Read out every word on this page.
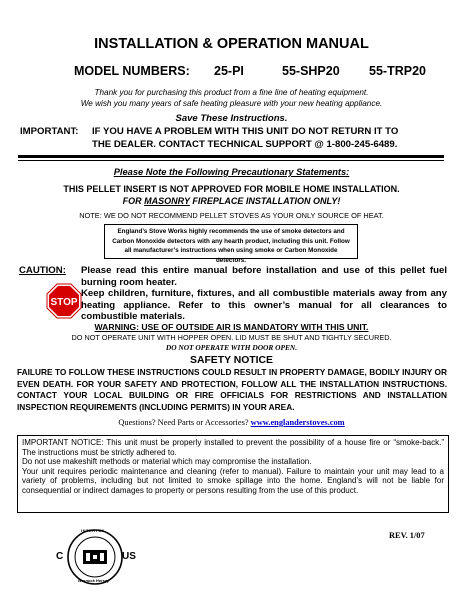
INSTALLATION & OPERATION MANUAL
MODEL NUMBERS: 25-PI	55-SHP20 55-TRP20
Thank you for purchasing this product from a fine line of heating equipment.
We wish you many years of safe heating pleasure with your new heating appliance.
Save These Instructions.
IMPORTANT: IF YOU HAVE A PROBLEM WITH THIS UNIT DO NOT RETURN IT TO
THE DEALER. CONTACT TECHNICAL SUPPORT @ 1-800-245-6489.
Please Note the Following Precautionary Statements:
THIS PELLET INSERT IS NOT APPROVED FOR MOBILE HOME INSTALLATION.
FOR MASONRY FIREPLACE INSTALLATION ONLY!
NOTE: WE DO NOT RECOMMEND PELLET STOVES AS YOUR ONLY SOURCE OF HEAT.
England’s Stove Works highly recommends the use of smoke detectors and Carbon Monoxide detectors with any hearth product, including this unit. Follow all manufacturer’s instructions when using smoke or Carbon Monoxide detectors.
CAUTION:
STOP
Please read this entire manual before installation and use of this pellet fuel burning room heater.
Keep children, furniture, fixtures, and all combustible materials away from any heating appliance. Refer to this owner’s manual for all clearances to combustible materials.
WARNING: USE OF OUTSIDE AIR IS MANDATORY WITH THIS UNIT.
DO NOT OPERATE UNIT WITH HOPPER OPEN. LID MUST BE SHUT AND TIGHTLY SECURED.
DO NOT OPERATE WITH DOOR OPEN.
SAFETY NOTICE
FAILURE TO FOLLOW THESE INSTRUCTIONS COULD RESULT IN PROPERTY DAMAGE, BODILY INJURY OR EVEN DEATH. FOR YOUR SAFETY AND PROTECTION, FOLLOW ALL THE INSTALLATION INSTRUCTIONS. CONTACT YOUR LOCAL BUILDING OR FIRE OFFICIALS FOR RESTRICTIONS AND INSTALLATION INSPECTION REQUIREMENTS (INCLUDING PERMITS) IN YOUR AREA.
Questions? Need Parts or Accessories? www.englanderstoves.com
IMPORTANT NOTICE: This unit must be properly installed to prevent the possibility of a house fire or “smoke-back.” The instructions must be strictly adhered to.
Do not use makeshift methods or material which may compromise the installation.
Your unit requires periodic maintenance and cleaning (refer to manual). Failure to maintain your unit may lead to a variety of problems, including but not limited to smoke spillage into the home. England’s will not be liable for consequential or indirect damages to property or persons resulting from the use of this product.
INTERTEK
Warnock Hersey
C	US
REV. 1/07
